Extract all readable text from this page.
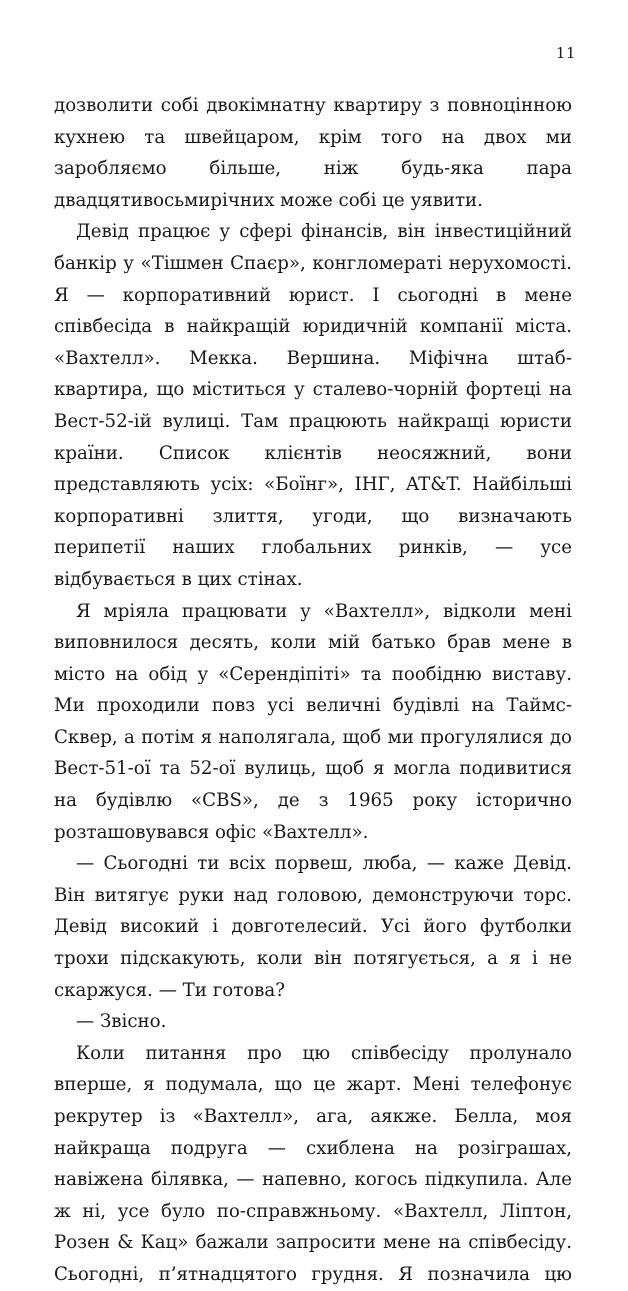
11

дозволити собі двокімнатну квартиру з повноцінною кухнею та швейцаром, крім того на двох ми заробляємо більше, ніж будь-яка пара двадцятивосьмирічних може собі це уявити.

Девід працює у сфері фінансів, він інвестиційний банкір у «Тішмен Спаєр», конгломераті нерухомості. Я — корпоративний юрист. І сьогодні в мене співбесіда в найкращій юридичній компанії міста. «Вахтелл». Мекка. Вершина. Міфічна штаб-квартира, що міститься у сталево-чорній фортеці на Вест-52-ій вулиці. Там працюють найкращі юристи країни. Список клієнтів неосяжний, вони представляють усіх: «Боїнг», ІНГ, AT&T. Найбільші корпоративні злиття, угоди, що визначають перипетії наших глобальних ринків, — усе відбувається в цих стінах.

Я мріяла працювати у «Вахтелл», відколи мені виповнилося десять, коли мій батько брав мене в місто на обід у «Серендіпіті» та пообідню виставу. Ми проходили повз усі величні будівлі на Таймс-Сквер, а потім я наполягала, щоб ми прогулялися до Вест-51-ої та 52-ої вулиць, щоб я могла подивитися на будівлю «CBS», де з 1965 року історично розташовувався офіс «Вахтелл».

— Сьогодні ти всіх порвеш, люба, — каже Девід. Він витягує руки над головою, демонструючи торс. Девід високий і довготелесий. Усі його футболки трохи підскакують, коли він потягується, а я і не скаржуся. — Ти готова?

— Звісно.

Коли питання про цю співбесіду пролунало вперше, я подумала, що це жарт. Мені телефонує рекрутер із «Вахтелл», ага, аякже. Белла, моя найкраща подруга — схиблена на розіграшах, навіжена білявка, — напевно, когось підкупила. Але ж ні, усе було по-справжньому. «Вахтелл, Ліптон, Розен & Кац» бажали запросити мене на співбесіду. Сьогодні, п’ятнадцятого грудня. Я позначила цю
